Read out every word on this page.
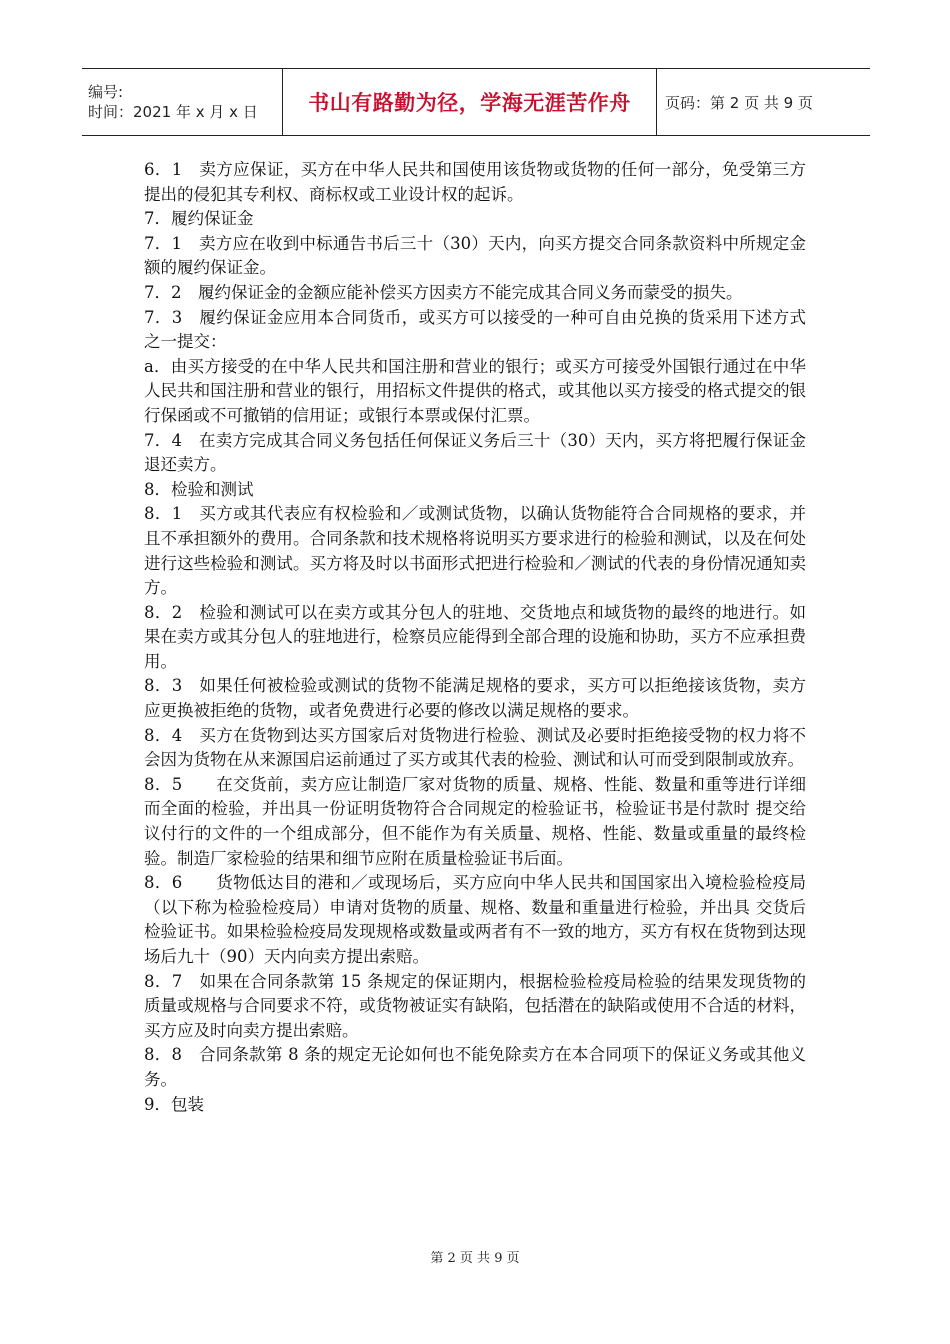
编号:
时间：2021 年 x 月 x 日	书山有路勤为径，学海无涯苦作舟 页码：第 2 页 共 9 页

6．1　卖方应保证，买方在中华人民共和国使用该货物或货物的任何一部分，免受第三方提出的侵犯其专利权、商标权或工业设计权的起诉。

7．履约保证金

7．1　卖方应在收到中标通告书后三十（30）天内，向买方提交合同条款资料中所规定金额的履约保证金。

7．2　履约保证金的金额应能补偿买方因卖方不能完成其合同义务而蒙受的损失。

7．3　履约保证金应用本合同货币，或买方可以接受的一种可自由兑换的货采用下述方式之一提交：

a．由买方接受的在中华人民共和国注册和营业的银行；或买方可接受外国银行通过在中华人民共和国注册和营业的银行，用招标文件提供的格式，或其他以买方接受的格式提交的银行保函或不可撤销的信用证；或银行本票或保付汇票。

7．4　在卖方完成其合同义务包括任何保证义务后三十（30）天内，买方将把履行保证金退还卖方。

8．检验和测试

8．1　买方或其代表应有权检验和／或测试货物，以确认货物能符合合同规格的要求，并且不承担额外的费用。合同条款和技术规格将说明买方要求进行的检验和测试，以及在何处进行这些检验和测试。买方将及时以书面形式把进行检验和／测试的代表的身份情况通知卖方。

8．2　检验和测试可以在卖方或其分包人的驻地、交货地点和域货物的最终的地进行。如果在卖方或其分包人的驻地进行，检察员应能得到全部合理的设施和协助，买方不应承担费用。

8．3　如果任何被检验或测试的货物不能满足规格的要求，买方可以拒绝接该货物，卖方应更换被拒绝的货物，或者免费进行必要的修改以满足规格的要求。

8．4　买方在货物到达买方国家后对货物进行检验、测试及必要时拒绝接受物的权力将不会因为货物在从来源国启运前通过了买方或其代表的检验、测试和认可而受到限制或放弃。

8．5　　在交货前，卖方应让制造厂家对货物的质量、规格、性能、数量和重等进行详细而全面的检验，并出具一份证明货物符合合同规定的检验证书，检验证书是付款时 提交给议付行的文件的一个组成部分，但不能作为有关质量、规格、性能、数量或重量的最终检验。制造厂家检验的结果和细节应附在质量检验证书后面。

8．6　　货物低达目的港和／或现场后，买方应向中华人民共和国国家出入境检验检疫局（以下称为检验检疫局）申请对货物的质量、规格、数量和重量进行检验，并出具 交货后检验证书。如果检验检疫局发现规格或数量或两者有不一致的地方，买方有权在货物到达现场后九十（90）天内向卖方提出索赔。

8．7　如果在合同条款第 15 条规定的保证期内，根据检验检疫局检验的结果发现货物的质量或规格与合同要求不符，或货物被证实有缺陷，包括潜在的缺陷或使用不合适的材料，买方应及时向卖方提出索赔。

8．8　合同条款第 8 条的规定无论如何也不能免除卖方在本合同项下的保证义务或其他义务。

9．包装

第 2 页 共 9 页
